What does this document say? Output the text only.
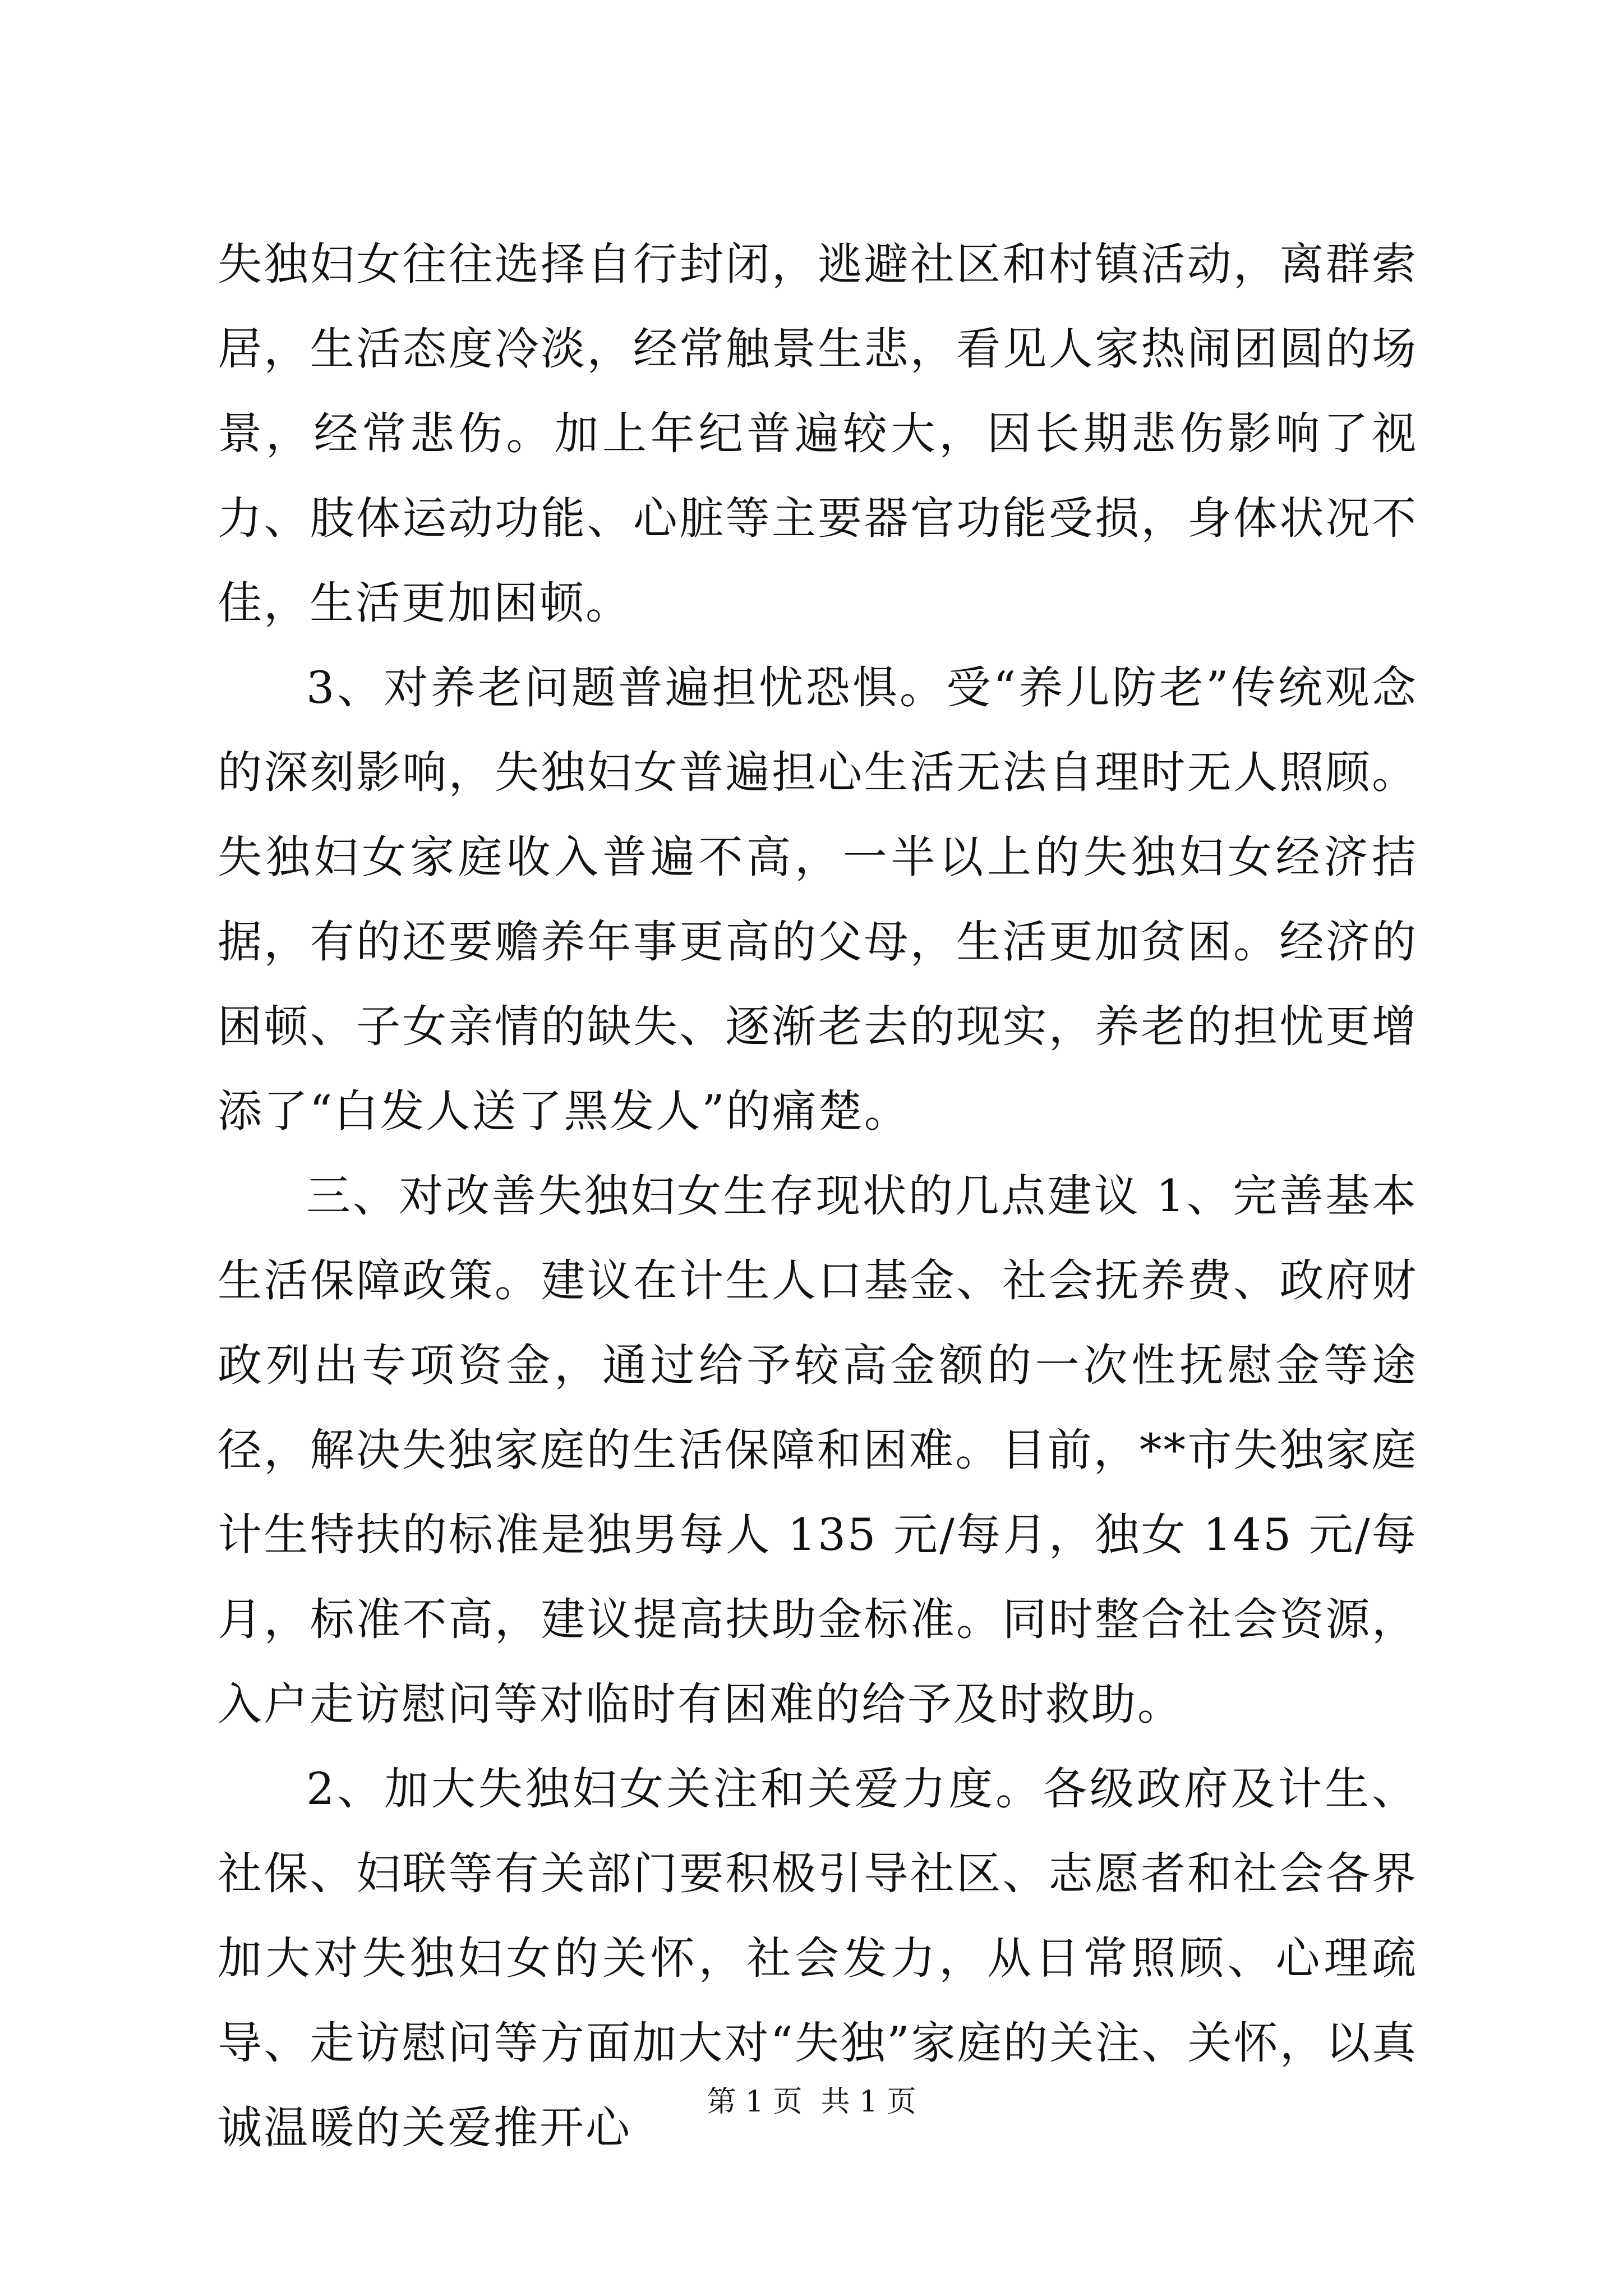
失独妇女往往选择自行封闭，逃避社区和村镇活动，离群索居，生活态度冷淡，经常触景生悲，看见人家热闹团圆的场景，经常悲伤。加上年纪普遍较大，因长期悲伤影响了视力、肢体运动功能、心脏等主要器官功能受损，身体状况不佳，生活更加困顿。

3、对养老问题普遍担忧恐惧。受“养儿防老”传统观念的深刻影响，失独妇女普遍担心生活无法自理时无人照顾。失独妇女家庭收入普遍不高，一半以上的失独妇女经济拮据，有的还要赡养年事更高的父母，生活更加贫困。经济的困顿、子女亲情的缺失、逐渐老去的现实，养老的担忧更增添了“白发人送了黑发人”的痛楚。

三、对改善失独妇女生存现状的几点建议 1、完善基本生活保障政策。建议在计生人口基金、社会抚养费、政府财政列出专项资金，通过给予较高金额的一次性抚慰金等途径，解决失独家庭的生活保障和困难。目前，**市失独家庭计生特扶的标准是独男每人 135 元/每月，独女 145 元/每月，标准不高，建议提高扶助金标准。同时整合社会资源，入户走访慰问等对临时有困难的给予及时救助。

2、加大失独妇女关注和关爱力度。各级政府及计生、社保、妇联等有关部门要积极引导社区、志愿者和社会各界加大对失独妇女的关怀，社会发力，从日常照顾、心理疏导、走访慰问等方面加大对“失独”家庭的关注、关怀，以真诚温暖的关爱推开心	第 1 页  共 1 页
